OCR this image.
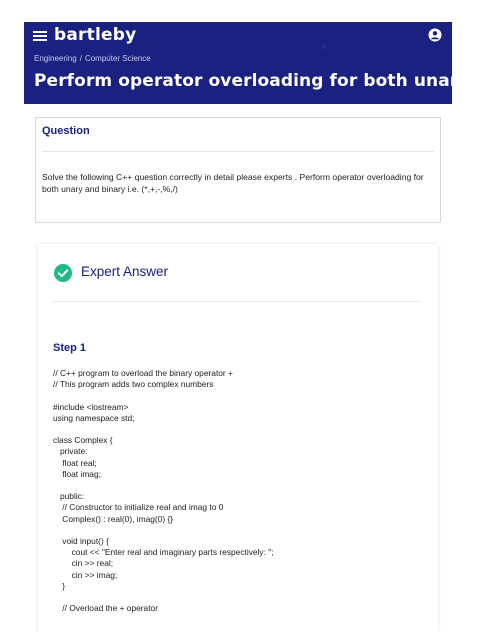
bartleby
Engineering / Computer Science
Perform operator overloading for both unary ...
Question
Solve the following C++ question correctly in detail please experts . Perform operator overloading for both unary and binary i.e. (*,+,-,%,/)
Expert Answer
Step 1
// C++ program to overload the binary operator +
// This program adds two complex numbers

#include <iostream>
using namespace std;

class Complex {
private:
float real;
float imag;

public:
// Constructor to initialize real and imag to 0
Complex() : real(0), imag(0) {}

void input() {
cout << "Enter real and imaginary parts respectively: ";
cin >> real;
cin >> imag;
}

// Overload the + operator
